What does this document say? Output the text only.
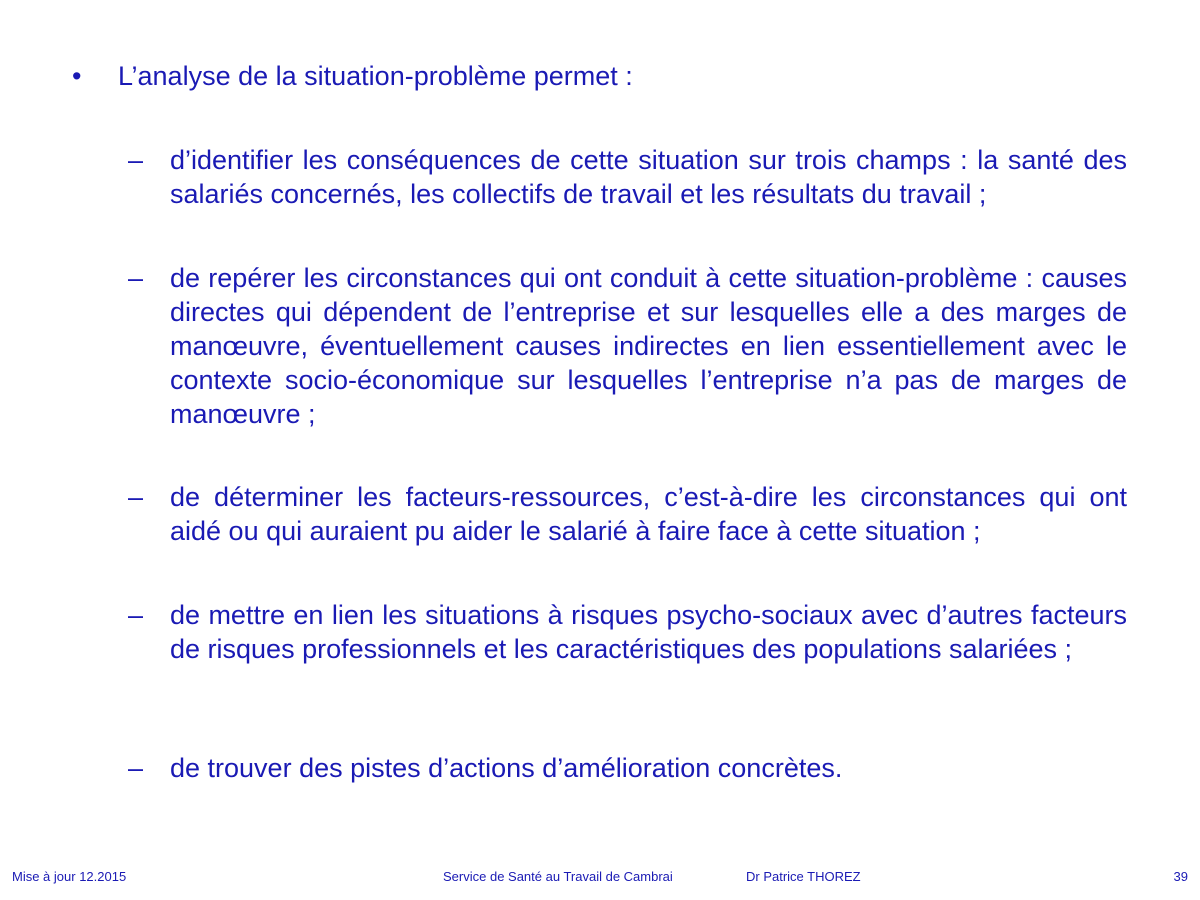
•	L’analyse de la situation-problème permet :
– d’identifier les conséquences de cette situation sur trois champs : la santé des salariés concernés, les collectifs de travail et les résultats du travail ;
– de repérer les circonstances qui ont conduit à cette situation-problème : causes directes qui dépendent de l’entreprise et sur lesquelles elle a des marges de manœuvre, éventuellement causes indirectes en lien essentiellement avec le contexte socio-économique sur lesquelles l’entreprise n’a pas de marges de manœuvre ;
– de déterminer les facteurs-ressources, c’est-à-dire les circonstances qui ont aidé ou qui auraient pu aider le salarié à faire face à cette situation ;
– de mettre en lien les situations à risques psycho-sociaux avec d’autres facteurs de risques professionnels et les caractéristiques des populations salariées ;
– de trouver des pistes d’actions d’amélioration concrètes.
Mise à jour 12.2015	Service de Santé au Travail de Cambrai	Dr Patrice THOREZ	39
